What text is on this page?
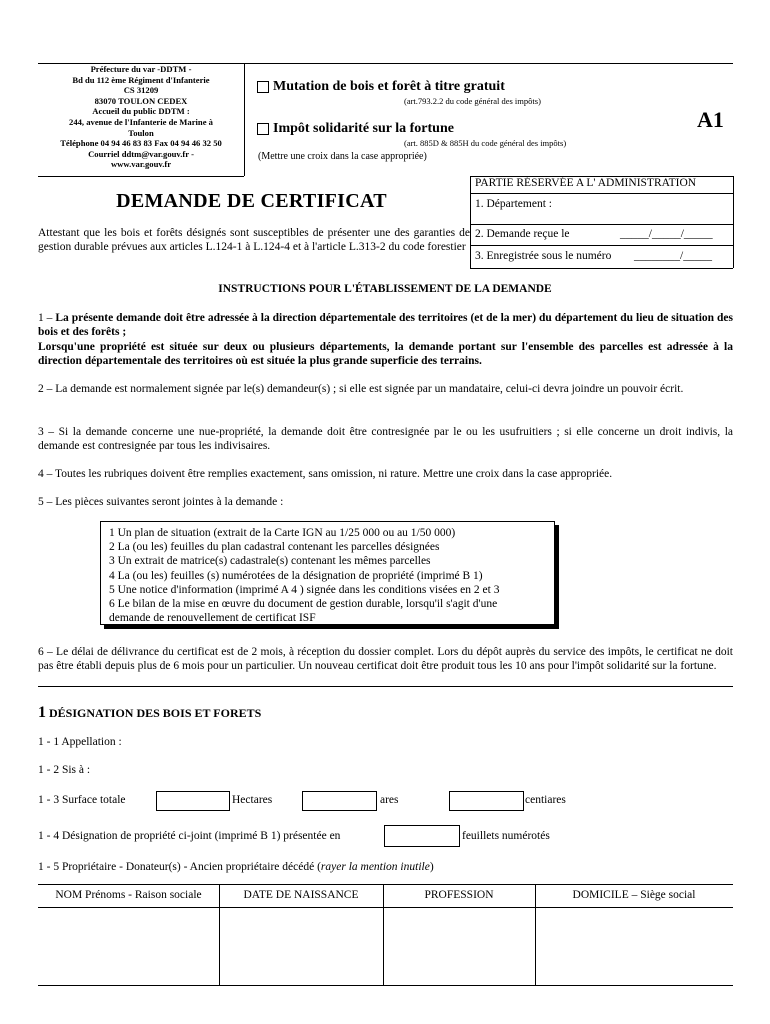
Préfecture du var -DDTM -
Bd du 112 ème Régiment d'Infanterie
CS 31209
83070 TOULON CEDEX
Accueil du public DDTM :
244, avenue de l'Infanterie de Marine à
Toulon
Téléphone 04 94 46 83 83 Fax 04 94 46 32 50
Courriel ddtm@var.gouv.fr -
www.var.gouv.fr
Mutation de bois et forêt à titre gratuit
(art.793.2.2 du code général des impôts)
Impôt solidarité sur la fortune
(art. 885D & 885H du code général des impôts)
(Mettre une croix dans la case appropriée)
A1
PARTIE RÉSERVÉE A L' ADMINISTRATION
1. Département :
2. Demande reçue le	_____/_____/_____
3. Enregistrée sous le numéro ________/_____
DEMANDE DE CERTIFICAT
Attestant que les bois et forêts désignés sont susceptibles de présenter une des garanties de gestion durable prévues aux articles L.124-1 à L.124-4 et à l'article L.313-2 du code forestier
INSTRUCTIONS POUR L'ÉTABLISSEMENT DE LA DEMANDE
1 – La présente demande doit être adressée à la direction départementale des territoires (et de la mer) du département du lieu de situation des bois et des forêts ;
Lorsqu'une propriété est située sur deux ou plusieurs départements, la demande portant sur l'ensemble des parcelles est adressée à la direction départementale des territoires où est située la plus grande superficie des terrains.
2 – La demande est normalement signée par le(s) demandeur(s) ; si elle est signée par un mandataire, celui-ci devra joindre un pouvoir écrit.
3 – Si la demande concerne une nue-propriété, la demande doit être contresignée par le ou les usufruitiers ; si elle concerne un droit indivis, la demande est contresignée par tous les indivisaires.
4 – Toutes les rubriques doivent être remplies exactement, sans omission, ni rature. Mettre une croix dans la case appropriée.
5 – Les pièces suivantes seront jointes à la demande :
1 Un plan de situation (extrait de la Carte IGN au 1/25 000 ou au 1/50 000)
2 La (ou les) feuilles du plan cadastral contenant les parcelles désignées
3 Un extrait de matrice(s) cadastrale(s) contenant les mêmes parcelles
4 La (ou les) feuilles (s) numérotées de la désignation de propriété (imprimé B 1)
5 Une notice d'information (imprimé A 4 ) signée dans les conditions visées en 2 et 3
6 Le bilan de la mise en œuvre du document de gestion durable, lorsqu'il s'agit d'une
demande de renouvellement de certificat ISF
6 – Le délai de délivrance du certificat est de 2 mois, à réception du dossier complet. Lors du dépôt auprès du service des impôts, le certificat ne doit pas être établi depuis plus de 6 mois pour un particulier. Un nouveau certificat doit être produit tous les 10 ans pour l'impôt solidarité sur la fortune.
1 DÉSIGNATION DES BOIS ET FORETS
1 - 1 Appellation :
1 - 2 Sis à :
1 - 3 Surface totale	Hectares	ares	centiares
1 - 4 Désignation de propriété ci-joint (imprimé B 1) présentée en	feuillets numérotés
1 - 5 Propriétaire - Donateur(s) - Ancien propriétaire décédé (rayer la mention inutile)
NOM Prénoms - Raison sociale	DATE DE NAISSANCE	PROFESSION	DOMICILE – Siège social
